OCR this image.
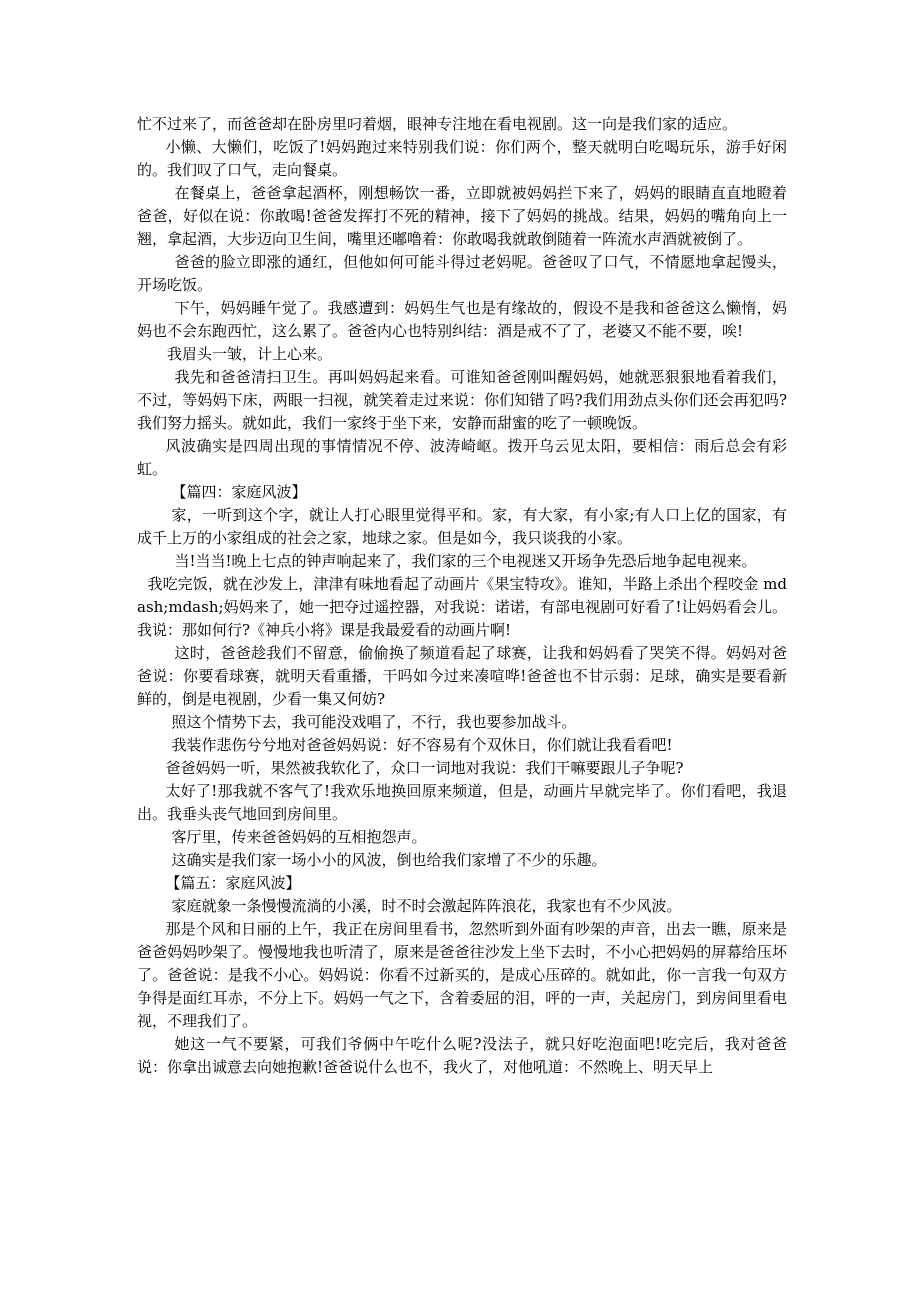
忙不过来了，而爸爸却在卧房里叼着烟，眼神专注地在看电视剧。这一向是我们家的适应。

小懒、大懒们，吃饭了!妈妈跑过来特别我们说：你们两个，整天就明白吃喝玩乐，游手好闲的。我们叹了口气，走向餐桌。

在餐桌上，爸爸拿起酒杯，刚想畅饮一番，立即就被妈妈拦下来了，妈妈的眼睛直直地瞪着爸爸，好似在说：你敢喝!爸爸发挥打不死的精神，接下了妈妈的挑战。结果，妈妈的嘴角向上一翘，拿起酒，大步迈向卫生间，嘴里还嘟噜着：你敢喝我就敢倒随着一阵流水声酒就被倒了。

爸爸的脸立即涨的通红，但他如何可能斗得过老妈呢。爸爸叹了口气，不情愿地拿起馒头，开场吃饭。

下午，妈妈睡午觉了。我感遭到：妈妈生气也是有缘故的，假设不是我和爸爸这么懒惰，妈妈也不会东跑西忙，这么累了。爸爸内心也特别纠结：酒是戒不了了，老婆又不能不要，唉!

我眉头一皱，计上心来。

我先和爸爸清扫卫生。再叫妈妈起来看。可谁知爸爸刚叫醒妈妈，她就恶狠狠地看着我们，不过，等妈妈下床，两眼一扫视，就笑着走过来说：你们知错了吗?我们用劲点头你们还会再犯吗?我们努力摇头。就如此，我们一家终于坐下来，安静而甜蜜的吃了一顿晚饭。

风波确实是四周出现的事情情况不停、波涛崎岖。拨开乌云见太阳，要相信：雨后总会有彩虹。

【篇四：家庭风波】

家，一听到这个字，就让人打心眼里觉得平和。家，有大家，有小家;有人口上亿的国家，有成千上万的小家组成的社会之家，地球之家。但是如今，我只谈我的小家。

当!当当!晚上七点的钟声响起来了，我们家的三个电视迷又开场争先恐后地争起电视来。

我吃完饭，就在沙发上，津津有味地看起了动画片《果宝特攻》。谁知，半路上杀出个程咬金 mdash;mdash;妈妈来了，她一把夺过遥控器，对我说：诺诺，有部电视剧可好看了!让妈妈看会儿。我说：那如何行?《神兵小将》课是我最爱看的动画片啊!

这时，爸爸趁我们不留意，偷偷换了频道看起了球赛，让我和妈妈看了哭笑不得。妈妈对爸爸说：你要看球赛，就明天看重播，干吗如今过来凑喧哗!爸爸也不甘示弱：足球，确实是要看新鲜的，倒是电视剧，少看一集又何妨?

照这个情势下去，我可能没戏唱了，不行，我也要参加战斗。

我装作悲伤兮兮地对爸爸妈妈说：好不容易有个双休日，你们就让我看看吧!

爸爸妈妈一听，果然被我软化了，众口一词地对我说：我们干嘛要跟儿子争呢?

太好了!那我就不客气了!我欢乐地换回原来频道，但是，动画片早就完毕了。你们看吧，我退出。我垂头丧气地回到房间里。

客厅里，传来爸爸妈妈的互相抱怨声。

这确实是我们家一场小小的风波，倒也给我们家增了不少的乐趣。

【篇五：家庭风波】

家庭就象一条慢慢流淌的小溪，时不时会激起阵阵浪花，我家也有不少风波。

那是个风和日丽的上午，我正在房间里看书，忽然听到外面有吵架的声音，出去一瞧，原来是爸爸妈妈吵架了。慢慢地我也听清了，原来是爸爸往沙发上坐下去时，不小心把妈妈的屏幕给压坏了。爸爸说：是我不小心。妈妈说：你看不过新买的，是成心压碎的。就如此，你一言我一句双方争得是面红耳赤，不分上下。妈妈一气之下，含着委屈的泪，呯的一声，关起房门，到房间里看电视，不理我们了。

她这一气不要紧，可我们爷俩中午吃什么呢?没法子，就只好吃泡面吧!吃完后，我对爸爸说：你拿出诚意去向她抱歉!爸爸说什么也不，我火了，对他吼道：不然晚上、明天早上
